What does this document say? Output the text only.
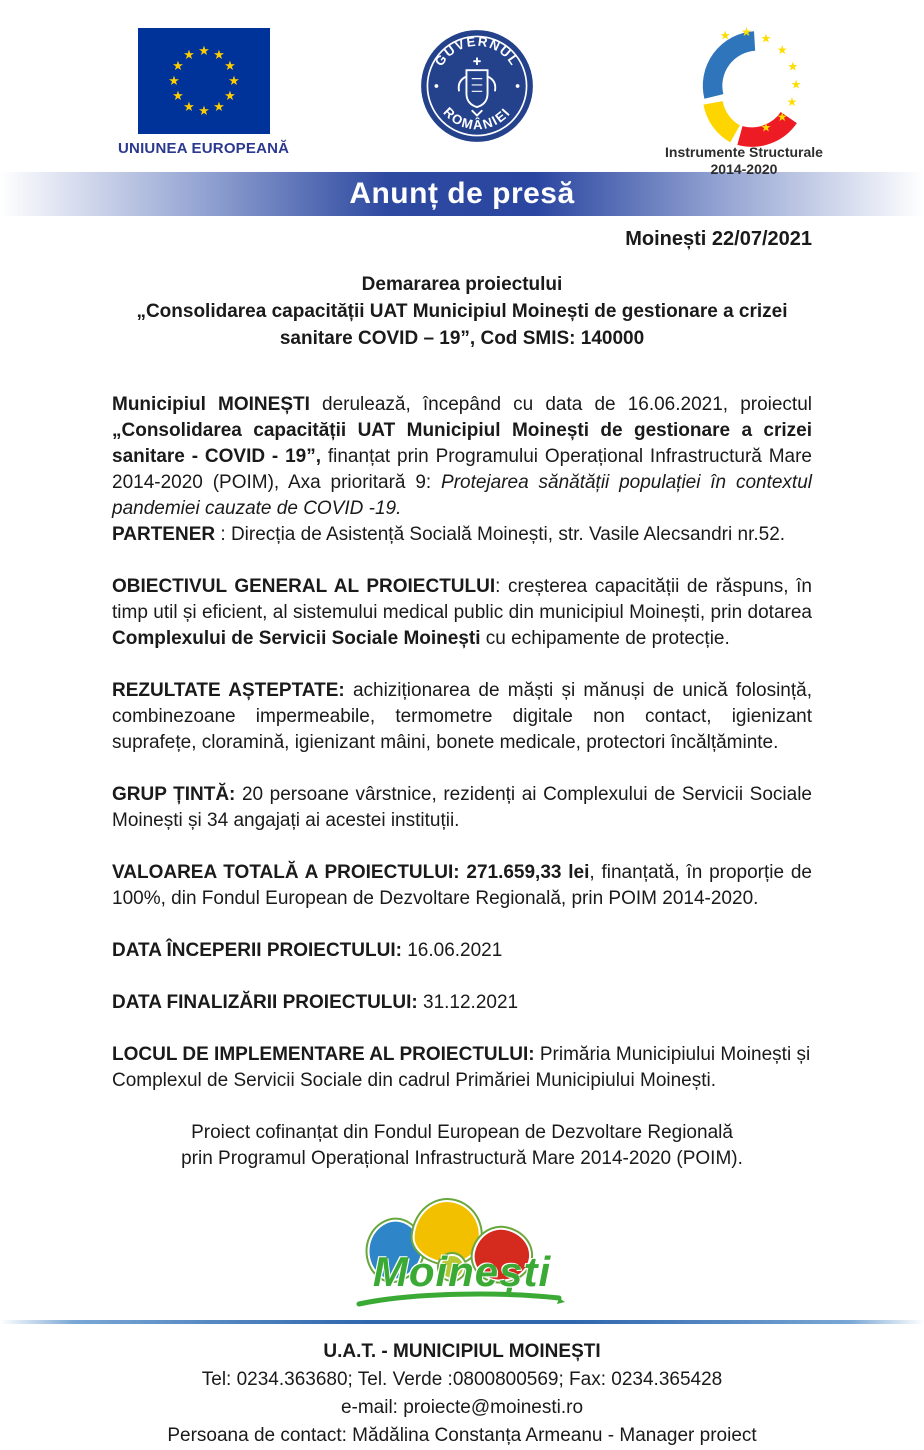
★ ★
★
★
★
★
★
★
★
★
★
★
UNIUNEA EUROPEANĂ
GUVERNUL
ROMÂNIEI
★ ★ ★
★
★
★
★
★
★
Instrumente Structurale
2014-2020
Anunț de presă
Moinești 22/07/2021
Demararea proiectului
„Consolidarea capacității UAT Municipiul Moinești de gestionare a crizei
sanitare COVID – 19”, Cod SMIS: 140000

Municipiul MOINEȘTI derulează, începând cu data de 16.06.2021, proiectul „Consolidarea capacității UAT Municipiul Moinești de gestionare a crizei sanitare - COVID - 19”, finanțat prin Programului Operațional Infrastructură Mare 2014-2020 (POIM), Axa prioritară 9: Protejarea sănătății populației în contextul pandemiei cauzate de COVID -19.

PARTENER : Direcția de Asistență Socială Moinești, str. Vasile Alecsandri nr.52.

OBIECTIVUL GENERAL AL PROIECTULUI: creșterea capacității de răspuns, în timp util și eficient, al sistemului medical public din municipiul Moinești, prin dotarea Complexului de Servicii Sociale Moinești cu echipamente de protecție.

REZULTATE AȘTEPTATE: achiziționarea de măști și mănuși de unică folosință, combinezoane impermeabile, termometre digitale non contact, igienizant suprafețe, cloramină, igienizant mâini, bonete medicale, protectori încălțăminte.

GRUP ȚINTĂ: 20 persoane vârstnice, rezidenți ai Complexului de Servicii Sociale Moinești și 34 angajați ai acestei instituții.

VALOAREA TOTALĂ A PROIECTULUI: 271.659,33 lei, finanțată, în proporție de 100%, din Fondul European de Dezvoltare Regională, prin POIM 2014-2020.

DATA ÎNCEPERII PROIECTULUI: 16.06.2021

DATA FINALIZĂRII PROIECTULUI: 31.12.2021

LOCUL DE IMPLEMENTARE AL PROIECTULUI: Primăria Municipiului Moinești și Complexul de Servicii Sociale din cadrul Primăriei Municipiului Moinești.

Proiect cofinanțat din Fondul European de Dezvoltare Regională
prin Programul Operațional Infrastructură Mare 2014-2020 (POIM).

Moinești
U.A.T. - MUNICIPIUL MOINEȘTI
Tel: 0234.363680; Tel. Verde :0800800569; Fax: 0234.365428
e-mail: proiecte@moinesti.ro
Persoana de contact: Mădălina Constanța Armeanu - Manager proiect
